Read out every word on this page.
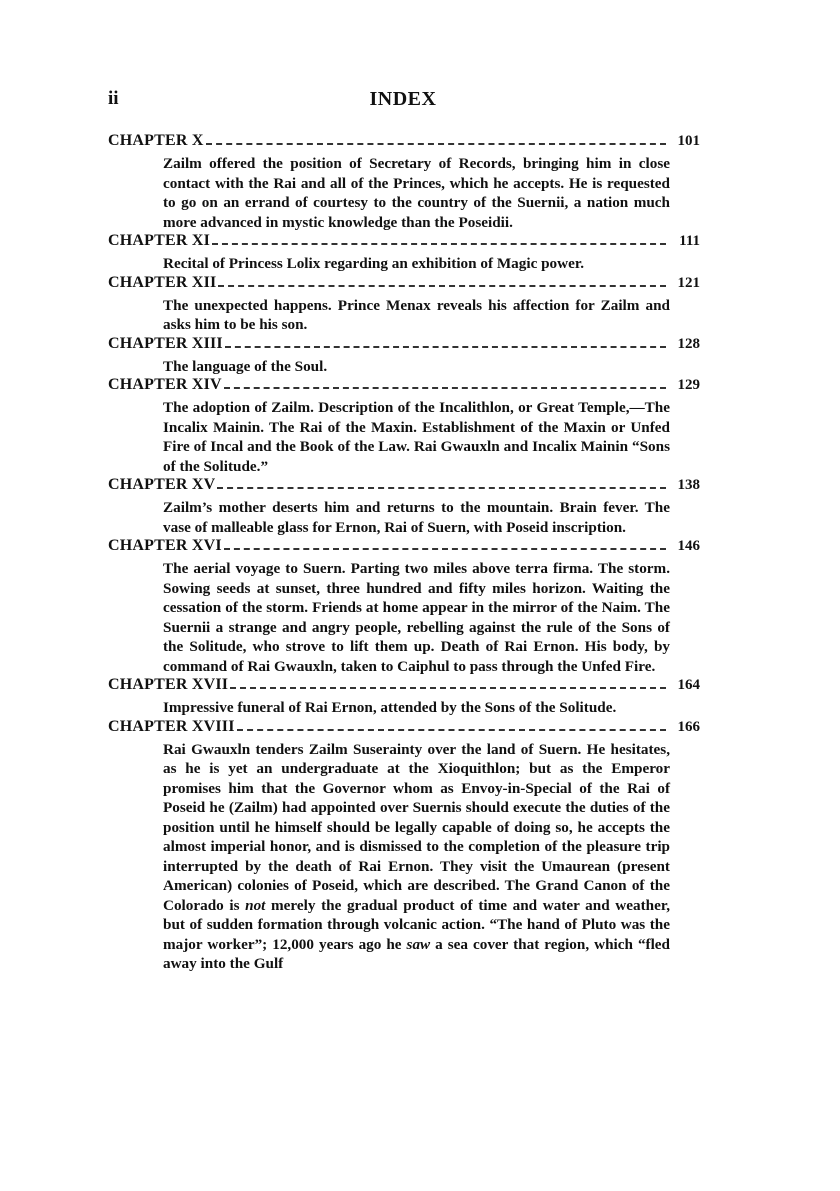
ii	INDEX
CHAPTER X	101

Zailm offered the position of Secretary of Records, bringing him in close contact with the Rai and all of the Princes, which he accepts. He is requested to go on an errand of courtesy to the country of the Suernii, a nation much more advanced in mystic knowledge than the Poseidii.

CHAPTER XI	111

Recital of Princess Lolix regarding an exhibition of Magic power.

CHAPTER XII	121

The unexpected happens. Prince Menax reveals his affection for Zailm and asks him to be his son.

CHAPTER XIII	128

The language of the Soul.

CHAPTER XIV	129

The adoption of Zailm. Description of the Incalithlon, or Great Temple,—The Incalix Mainin. The Rai of the Maxin. Establishment of the Maxin or Unfed Fire of Incal and the Book of the Law. Rai Gwauxln and Incalix Mainin “Sons of the Solitude.”

CHAPTER XV	138

Zailm’s mother deserts him and returns to the mountain. Brain fever. The vase of malleable glass for Ernon, Rai of Suern, with Poseid inscription.

CHAPTER XVI	146

The aerial voyage to Suern. Parting two miles above terra firma. The storm. Sowing seeds at sunset, three hundred and fifty miles horizon. Waiting the cessation of the storm. Friends at home appear in the mirror of the Naim. The Suernii a strange and angry people, rebelling against the rule of the Sons of the Solitude, who strove to lift them up. Death of Rai Ernon. His body, by command of Rai Gwauxln, taken to Caiphul to pass through the Unfed Fire.

CHAPTER XVII	164

Impressive funeral of Rai Ernon, attended by the Sons of the Solitude.

CHAPTER XVIII	166

Rai Gwauxln tenders Zailm Suserainty over the land of Suern. He hesitates, as he is yet an undergraduate at the Xioquithlon; but as the Emperor promises him that the Governor whom as Envoy-in-Special of the Rai of Poseid he (Zailm) had appointed over Suernis should execute the duties of the position until he himself should be legally capable of doing so, he accepts the almost imperial honor, and is dismissed to the completion of the pleasure trip interrupted by the death of Rai Ernon. They visit the Umaurean (present American) colonies of Poseid, which are described. The Grand Canon of the Colorado is not merely the gradual product of time and water and weather, but of sudden formation through volcanic action. “The hand of Pluto was the major worker”; 12,000 years ago he saw a sea cover that region, which “fled away into the Gulf
